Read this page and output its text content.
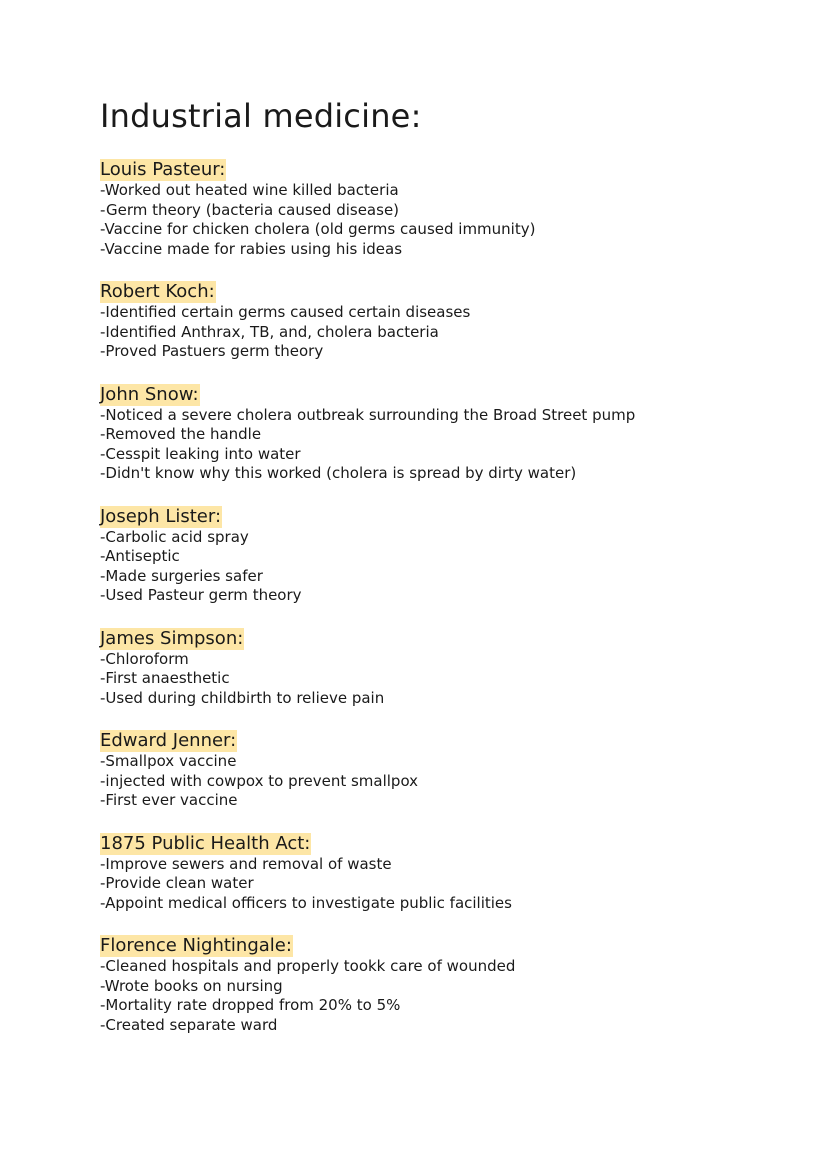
Industrial medicine:
Louis Pasteur:
-Worked out heated wine killed bacteria
-Germ theory (bacteria caused disease)
-Vaccine for chicken cholera (old germs caused immunity)
-Vaccine made for rabies using his ideas
Robert Koch:
-Identified certain germs caused certain diseases
-Identified Anthrax, TB, and, cholera bacteria
-Proved Pastuers germ theory
John Snow:
-Noticed a severe cholera outbreak surrounding the Broad Street pump
-Removed the handle
-Cesspit leaking into water
-Didn't know why this worked (cholera is spread by dirty water)
Joseph Lister:
-Carbolic acid spray
-Antiseptic
-Made surgeries safer
-Used Pasteur germ theory
James Simpson:
-Chloroform
-First anaesthetic
-Used during childbirth to relieve pain
Edward Jenner:
-Smallpox vaccine
-injected with cowpox to prevent smallpox
-First ever vaccine
1875 Public Health Act:
-Improve sewers and removal of waste
-Provide clean water
-Appoint medical officers to investigate public facilities
Florence Nightingale:
-Cleaned hospitals and properly tookk care of wounded
-Wrote books on nursing
-Mortality rate dropped from 20% to 5%
-Created separate ward
